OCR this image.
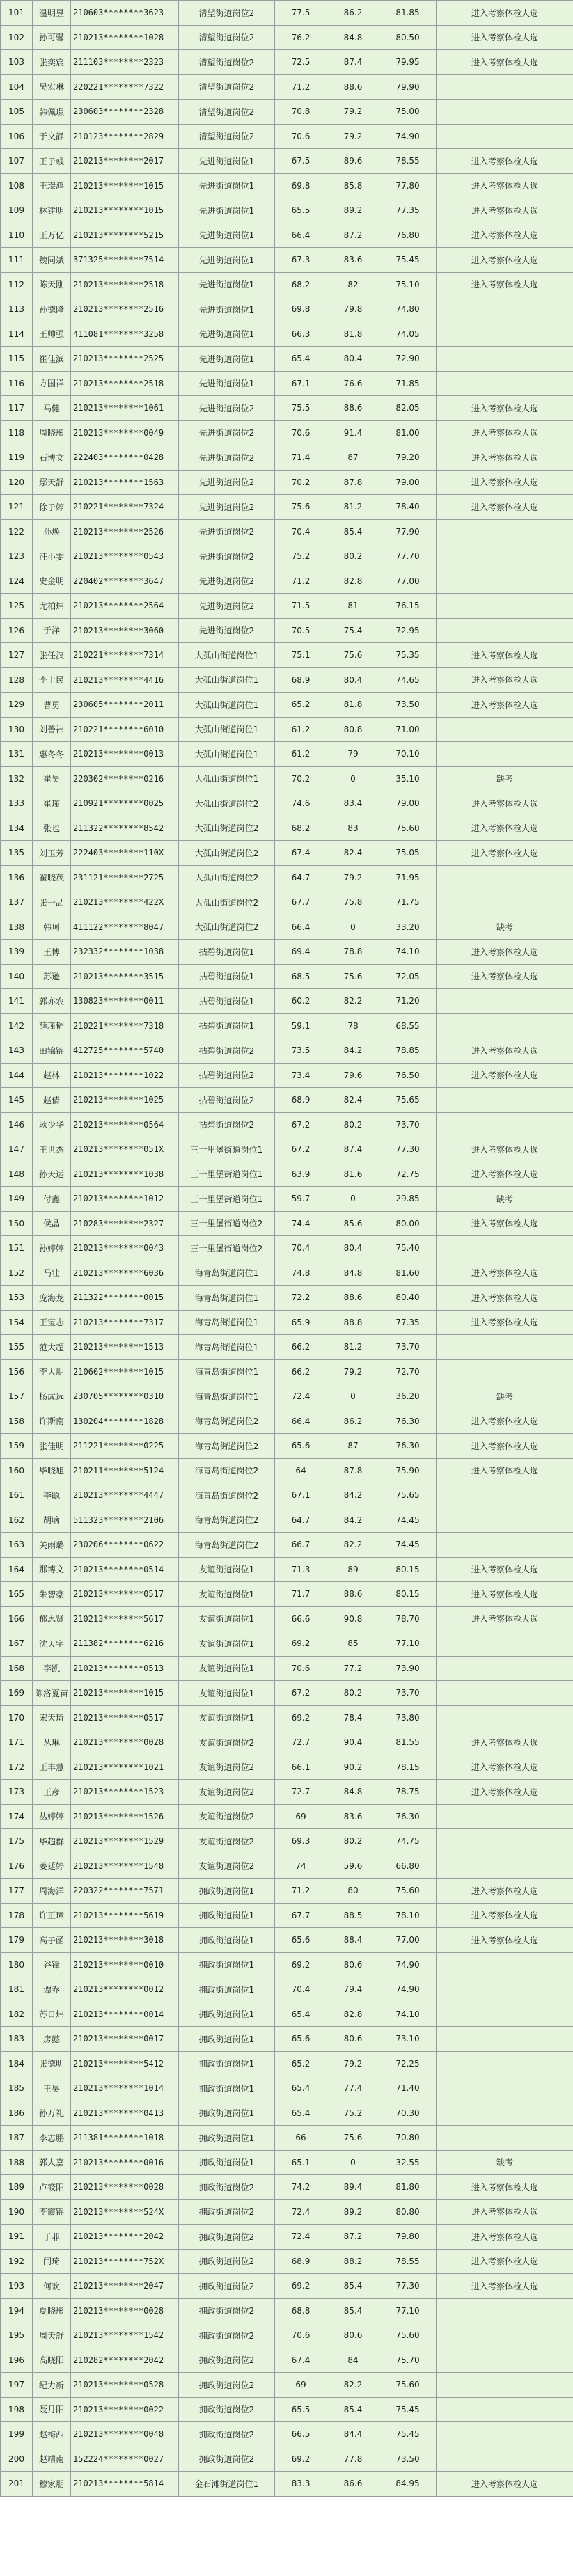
101	温明昱	210603********3623	清望街道岗位2	77.5	86.2	81.85	进入考察体检人选
102	孙可馨	210213********1028	清望街道岗位2	76.2	84.8	80.50	进入考察体检人选
103	张奕宸	211103********2323	清望街道岗位2	72.5	87.4	79.95	进入考察体检人选
104	吴宏琳	220221********7322	清望街道岗位2	71.2	88.6	79.90	
105	韩佩璟	230603********2328	清望街道岗位2	70.8	79.2	75.00	
106	于文静	210123********2829	清望街道岗位2	70.6	79.2	74.90	
107	王子彧	210213********2017	先进街道岗位1	67.5	89.6	78.55	进入考察体检人选
108	王璟鸿	210213********1015	先进街道岗位1	69.8	85.8	77.80	进入考察体检人选
109	林建明	210213********1015	先进街道岗位1	65.5	89.2	77.35	进入考察体检人选
110	王万亿	210213********5215	先进街道岗位1	66.4	87.2	76.80	进入考察体检人选
111	魏同斌	371325********7514	先进街道岗位1	67.3	83.6	75.45	进入考察体检人选
112	陈天刚	210213********2518	先进街道岗位1	68.2	82	75.10	进入考察体检人选
113	孙德隆	210213********2516	先进街道岗位1	69.8	79.8	74.80	
114	王帅强	411081********3258	先进街道岗位1	66.3	81.8	74.05	
115	崔佳滨	210213********2525	先进街道岗位1	65.4	80.4	72.90	
116	方国祥	210213********2518	先进街道岗位1	67.1	76.6	71.85	
117	马健	210213********1061	先进街道岗位2	75.5	88.6	82.05	进入考察体检人选
118	周晓彤	210213********0049	先进街道岗位2	70.6	91.4	81.00	进入考察体检人选
119	石博文	222403********0428	先进街道岗位2	71.4	87	79.20	进入考察体检人选
120	鄢天舒	210213********1563	先进街道岗位2	70.2	87.8	79.00	进入考察体检人选
121	徐子婷	210221********7324	先进街道岗位2	75.6	81.2	78.40	进入考察体检人选
122	孙焕	210213********2526	先进街道岗位2	70.4	85.4	77.90	
123	汪小雯	210213********0543	先进街道岗位2	75.2	80.2	77.70	
124	史金明	220402********3647	先进街道岗位2	71.2	82.8	77.00	
125	尤柏炜	210213********2564	先进街道岗位2	71.5	81	76.15	
126	于洋	210213********3060	先进街道岗位2	70.5	75.4	72.95	
127	张任汉	210221********7314	大孤山街道岗位1	75.1	75.6	75.35	进入考察体检人选
128	李士民	210213********4416	大孤山街道岗位1	68.9	80.4	74.65	进入考察体检人选
129	曹勇	230605********2011	大孤山街道岗位1	65.2	81.8	73.50	进入考察体检人选
130	刘善祎	210221********6010	大孤山街道岗位1	61.2	80.8	71.00	
131	惠冬冬	210213********0013	大孤山街道岗位1	61.2	79	70.10	
132	崔昊	220302********0216	大孤山街道岗位1	70.2	0	35.10	缺考
133	崔瑾	210921********0025	大孤山街道岗位2	74.6	83.4	79.00	进入考察体检人选
134	张也	211322********8542	大孤山街道岗位2	68.2	83	75.60	进入考察体检人选
135	刘玉芳	222403********110X	大孤山街道岗位2	67.4	82.4	75.05	进入考察体检人选
136	翟晓茂	231121********2725	大孤山街道岗位2	64.7	79.2	71.95	
137	张一品	210213********422X	大孤山街道岗位2	67.7	75.8	71.75	
138	韩珂	411122********8047	大孤山街道岗位2	66.4	0	33.20	缺考
139	王博	232332********1038	拈碧街道岗位1	69.4	78.8	74.10	进入考察体检人选
140	苏逊	210213********3515	拈碧街道岗位1	68.5	75.6	72.05	进入考察体检人选
141	郭亦农	130823********0011	拈碧街道岗位1	60.2	82.2	71.20	
142	薛瑾韬	210221********7318	拈碧街道岗位1	59.1	78	68.55	
143	田锦锦	412725********5740	拈碧街道岗位2	73.5	84.2	78.85	进入考察体检人选
144	赵林	210213********1022	拈碧街道岗位2	73.4	79.6	76.50	进入考察体检人选
145	赵倩	210213********1025	拈碧街道岗位2	68.9	82.4	75.65	
146	耿少华	210213********0564	拈碧街道岗位2	67.2	80.2	73.70	
147	王世杰	210213********051X	三十里堡街道岗位1	67.2	87.4	77.30	进入考察体检人选
148	孙天运	210213********1038	三十里堡街道岗位1	63.9	81.6	72.75	进入考察体检人选
149	付鑫	210213********1012	三十里堡街道岗位1	59.7	0	29.85	缺考
150	侯晶	210283********2327	三十里堡街道岗位2	74.4	85.6	80.00	进入考察体检人选
151	孙婷婷	210213********0043	三十里堡街道岗位2	70.4	80.4	75.40	
152	马壮	210213********6036	海青岛街道岗位1	74.8	84.8	81.60	进入考察体检人选
153	庞海龙	211322********0015	海青岛街道岗位1	72.2	88.6	80.40	进入考察体检人选
154	王宝志	210213********7317	海青岛街道岗位1	65.9	88.8	77.35	进入考察体检人选
155	范大超	210213********1513	海青岛街道岗位1	66.2	81.2	73.70	
156	李大朋	210602********1015	海青岛街道岗位1	66.2	79.2	72.70	
157	杨成远	230705********0310	海青岛街道岗位1	72.4	0	36.20	缺考
158	许斯南	130204********1828	海青岛街道岗位2	66.4	86.2	76.30	进入考察体检人选
159	张佳明	211221********0225	海青岛街道岗位2	65.6	87	76.30	进入考察体检人选
160	毕晓旭	210211********5124	海青岛街道岗位2	64	87.8	75.90	进入考察体检人选
161	李聪	210213********4447	海青岛街道岗位2	67.1	84.2	75.65	
162	胡嘀	511323********2106	海青岛街道岗位2	64.7	84.2	74.45	
163	关雨璐	230206********0622	海青岛街道岗位2	66.7	82.2	74.45	
164	那博文	210213********0514	友谊街道岗位1	71.3	89	80.15	进入考察体检人选
165	朱智豪	210213********0517	友谊街道岗位1	71.7	88.6	80.15	进入考察体检人选
166	郁思贤	210213********5617	友谊街道岗位1	66.6	90.8	78.70	进入考察体检人选
167	沈天宇	211382********6216	友谊街道岗位1	69.2	85	77.10	
168	李凯	210213********0513	友谊街道岗位1	70.6	77.2	73.90	
169	陈洛夏苗	210213********1015	友谊街道岗位1	67.2	80.2	73.70	
170	宋天琦	210213********0517	友谊街道岗位1	69.2	78.4	73.80	
171	丛琳	210213********0028	友谊街道岗位2	72.7	90.4	81.55	进入考察体检人选
172	王丰慧	210213********1021	友谊街道岗位2	66.1	90.2	78.15	进入考察体检人选
173	王彦	210213********1523	友谊街道岗位2	72.7	84.8	78.75	进入考察体检人选
174	丛婷婷	210213********1526	友谊街道岗位2	69	83.6	76.30	
175	毕超群	210213********1529	友谊街道岗位2	69.3	80.2	74.75	
176	姜廷婷	210213********1548	友谊街道岗位2	74	59.6	66.80	
177	周海洋	220322********7571	拥政街道岗位1	71.2	80	75.60	进入考察体检人选
178	许正璋	210213********5619	拥政街道岗位1	67.7	88.5	78.10	进入考察体检人选
179	高子函	210213********3018	拥政街道岗位1	65.6	88.4	77.00	进入考察体检人选
180	谷锋	210213********0010	拥政街道岗位1	69.2	80.6	74.90	
181	谭乔	210213********0012	拥政街道岗位1	70.4	79.4	74.90	
182	苏日炜	210213********0014	拥政街道岗位1	65.4	82.8	74.10	
183	房懿	210213********0017	拥政街道岗位1	65.6	80.6	73.10	
184	张德明	210213********5412	拥政街道岗位1	65.2	79.2	72.25	
185	王昊	210213********1014	拥政街道岗位1	65.4	77.4	71.40	
186	孙万礼	210213********0413	拥政街道岗位1	65.4	75.2	70.30	
187	李志鹏	211381********1018	拥政街道岗位1	66	75.6	70.80	
188	郭人嘉	210213********0016	拥政街道岗位1	65.1	0	32.55	缺考
189	卢筱阳	210213********0028	拥政街道岗位2	74.2	89.4	81.80	进入考察体检人选
190	李霞锦	210213********524X	拥政街道岗位2	72.4	89.2	80.80	进入考察体检人选
191	于菲	210213********2042	拥政街道岗位2	72.4	87.2	79.80	进入考察体检人选
192	闫琦	210213********752X	拥政街道岗位2	68.9	88.2	78.55	进入考察体检人选
193	何欢	210213********2047	拥政街道岗位2	69.2	85.4	77.30	进入考察体检人选
194	夏晓彤	210213********0028	拥政街道岗位2	68.8	85.4	77.10	
195	周天舒	210213********1542	拥政街道岗位2	70.6	80.6	75.60	
196	高晓阳	210282********2042	拥政街道岗位2	67.4	84	75.70	
197	纪力新	210213********0528	拥政街道岗位2	69	82.2	75.60	
198	聂月阳	210213********0022	拥政街道岗位2	65.5	85.4	75.45	
199	赵梅西	210213********0048	拥政街道岗位2	66.5	84.4	75.45	
200	赵靖南	152224********0027	拥政街道岗位2	69.2	77.8	73.50	
201	穆家朋	210213********5814	金石滩街道岗位1	83.3	86.6	84.95	进入考察体检人选
